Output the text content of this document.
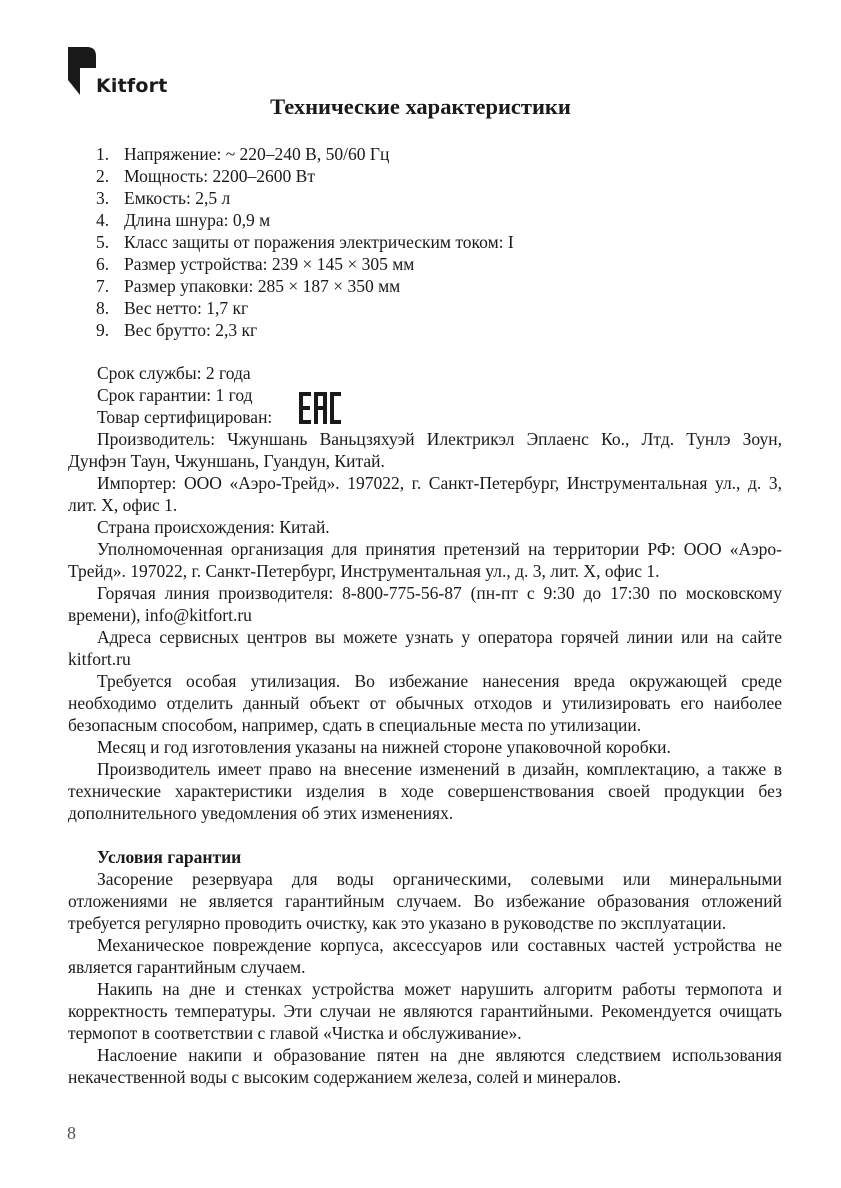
Kitfort
Технические характеристики
1. Напряжение: ~ 220–240 В, 50/60 Гц
2. Мощность: 2200–2600 Вт
3. Емкость: 2,5 л
4. Длина шнура: 0,9 м
5. Класс защиты от поражения электрическим током: I
6. Размер устройства: 239 × 145 × 305 мм
7. Размер упаковки: 285 × 187 × 350 мм
8. Вес нетто: 1,7 кг
9. Вес брутто: 2,3 кг

Срок службы: 2 года

Срок гарантии: 1 год

Товар сертифицирован:

Производитель: Чжуншань Ваньцзяхуэй Илектрикэл Эплаенс Ко., Лтд. Тунлэ Зоун, Дунфэн Таун, Чжуншань, Гуандун, Китай.

Импортер: ООО «Аэро-Трейд». 197022, г. Санкт-Петербург, Инструментальная ул., д. 3, лит. Х, офис 1.

Страна происхождения: Китай.

Уполномоченная организация для принятия претензий на территории РФ: ООО «Аэро-Трейд». 197022, г. Санкт-Петербург, Инструментальная ул., д. 3, лит. Х, офис 1.

Горячая линия производителя: 8-800-775-56-87 (пн-пт с 9:30 до 17:30 по московскому времени), info@kitfort.ru

Адреса сервисных центров вы можете узнать у оператора горячей линии или на сайте kitfort.ru

Требуется особая утилизация. Во избежание нанесения вреда окружающей среде необходимо отделить данный объект от обычных отходов и утилизировать его наиболее безопасным способом, например, сдать в специальные места по утилизации.

Месяц и год изготовления указаны на нижней стороне упаковочной коробки.

Производитель имеет право на внесение изменений в дизайн, комплектацию, а также в технические характеристики изделия в ходе совершенствования своей продукции без дополнительного уведомления об этих изменениях.

Условия гарантии

Засорение резервуара для воды органическими, солевыми или минеральными отложениями не является гарантийным случаем. Во избежание образования отложений требуется регулярно проводить очистку, как это указано в руководстве по эксплуатации.

Механическое повреждение корпуса, аксессуаров или составных частей устройства не является гарантийным случаем.

Накипь на дне и стенках устройства может нарушить алгоритм работы термопота и корректность температуры. Эти случаи не являются гарантийными. Рекомендуется очищать термопот в соответствии с главой «Чистка и обслуживание».

Наслоение накипи и образование пятен на дне являются следствием использования некачественной воды с высоким содержанием железа, солей и минералов.

8
